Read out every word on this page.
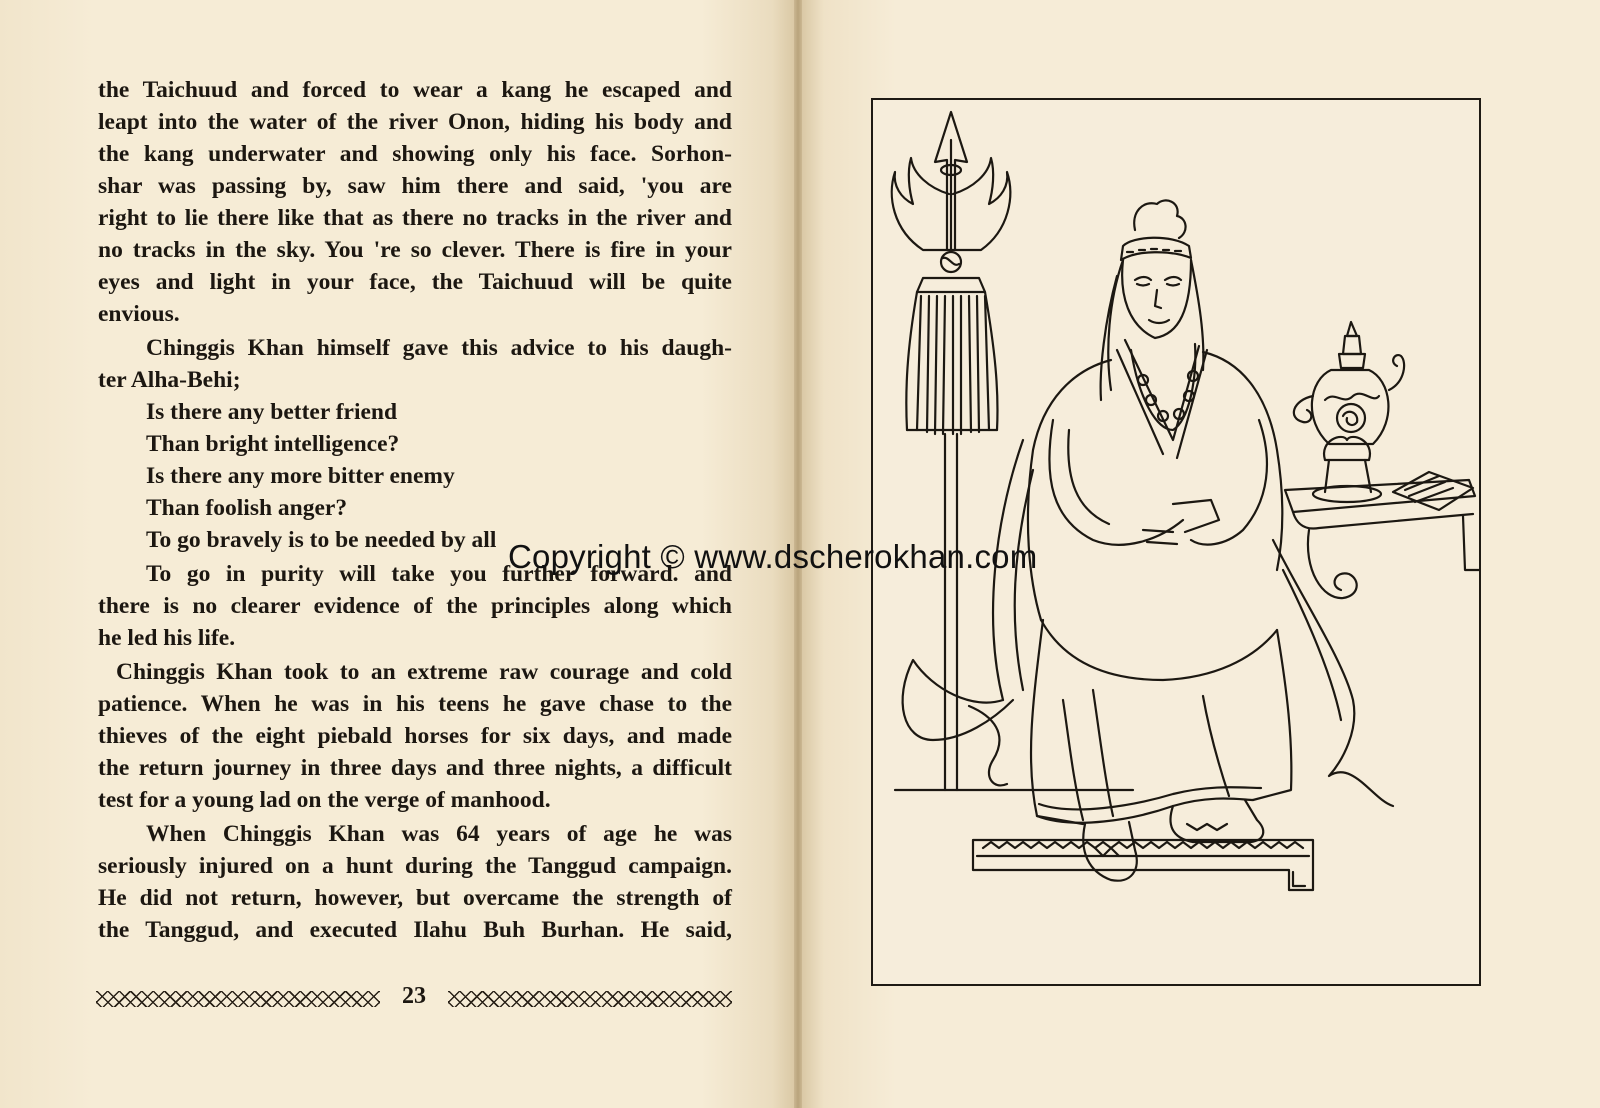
the Taichuud and forced to wear a kang he escaped and

leapt into the water of the river Onon, hiding his body and

the kang underwater and showing only his face. Sorhon-

shar was passing by, saw him there and said, 'you are

right to lie there like that as there no tracks in the river and

no tracks in the sky. You 're so clever. There is fire in your

eyes and light in your face, the Taichuud will be quite

envious.

Chinggis Khan himself gave this advice to his daugh-

ter Alha-Behi;

Is there any better friend

Than bright intelligence?

Is there any more bitter enemy

Than foolish anger?

To go bravely is to be needed by all

To go in purity will take you further forward. and

there is no clearer evidence of the principles along which

he led his life.

Chinggis Khan took to an extreme raw courage and cold

patience. When he was in his teens he gave chase to the

thieves of the eight piebald horses for six days, and made

the return journey in three days and three nights, a difficult

test for a young lad on the verge of manhood.

When Chinggis Khan was 64 years of age he was

seriously injured on a hunt during the Tanggud campaign.

He did not return, however, but overcame the strength of

the Tanggud, and executed Ilahu Buh Burhan. He said,

23
Copyright © www.dscherokhan.com
